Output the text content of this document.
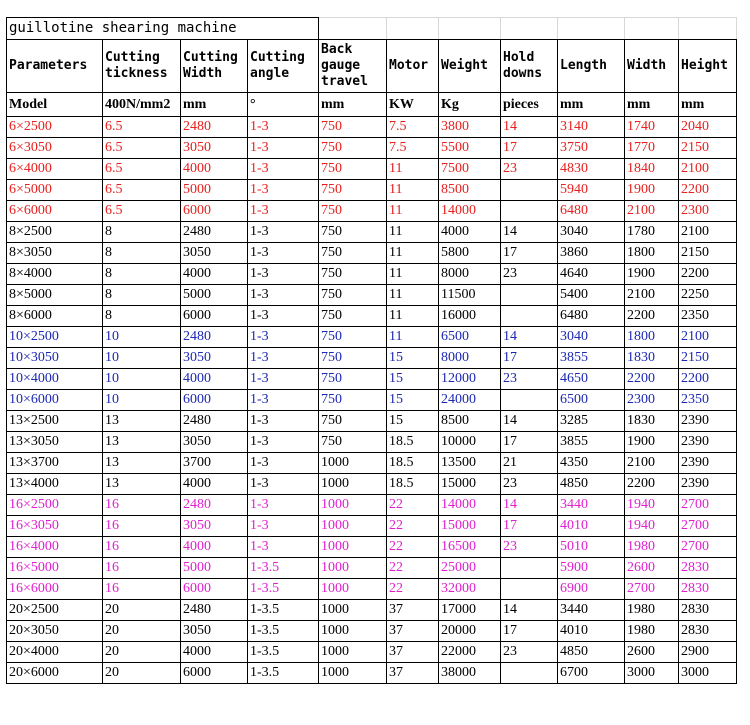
guillotine shearing machine										

Parameters	Cutting tickness	Cutting Width	Cutting angle	Back gauge travel	Motor	Weight	Hold downs	Length	Width	Height

Model	400N/mm2	mm	°	mm	KW	Kg	pieces	mm	mm	mm
6×2500	6.5	2480	1-3	750	7.5	3800	14	3140	1740	2040
6×3050	6.5	3050	1-3	750	7.5	5500	17	3750	1770	2150
6×4000	6.5	4000	1-3	750	11	7500	23	4830	1840	2100
6×5000	6.5	5000	1-3	750	11	8500		5940	1900	2200
6×6000	6.5	6000	1-3	750	11	14000		6480	2100	2300
8×2500	8	2480	1-3	750	11	4000	14	3040	1780	2100
8×3050	8	3050	1-3	750	11	5800	17	3860	1800	2150
8×4000	8	4000	1-3	750	11	8000	23	4640	1900	2200
8×5000	8	5000	1-3	750	11	11500		5400	2100	2250
8×6000	8	6000	1-3	750	11	16000		6480	2200	2350
10×2500	10	2480	1-3	750	11	6500	14	3040	1800	2100
10×3050	10	3050	1-3	750	15	8000	17	3855	1830	2150
10×4000	10	4000	1-3	750	15	12000	23	4650	2200	2200
10×6000	10	6000	1-3	750	15	24000		6500	2300	2350
13×2500	13	2480	1-3	750	15	8500	14	3285	1830	2390
13×3050	13	3050	1-3	750	18.5	10000	17	3855	1900	2390
13×3700	13	3700	1-3	1000	18.5	13500	21	4350	2100	2390
13×4000	13	4000	1-3	1000	18.5	15000	23	4850	2200	2390
16×2500	16	2480	1-3	1000	22	14000	14	3440	1940	2700
16×3050	16	3050	1-3	1000	22	15000	17	4010	1940	2700
16×4000	16	4000	1-3	1000	22	16500	23	5010	1980	2700
16×5000	16	5000	1-3.5	1000	22	25000		5900	2600	2830
16×6000	16	6000	1-3.5	1000	22	32000		6900	2700	2830
20×2500	20	2480	1-3.5	1000	37	17000	14	3440	1980	2830
20×3050	20	3050	1-3.5	1000	37	20000	17	4010	1980	2830
20×4000	20	4000	1-3.5	1000	37	22000	23	4850	2600	2900
20×6000	20	6000	1-3.5	1000	37	38000		6700	3000	3000
